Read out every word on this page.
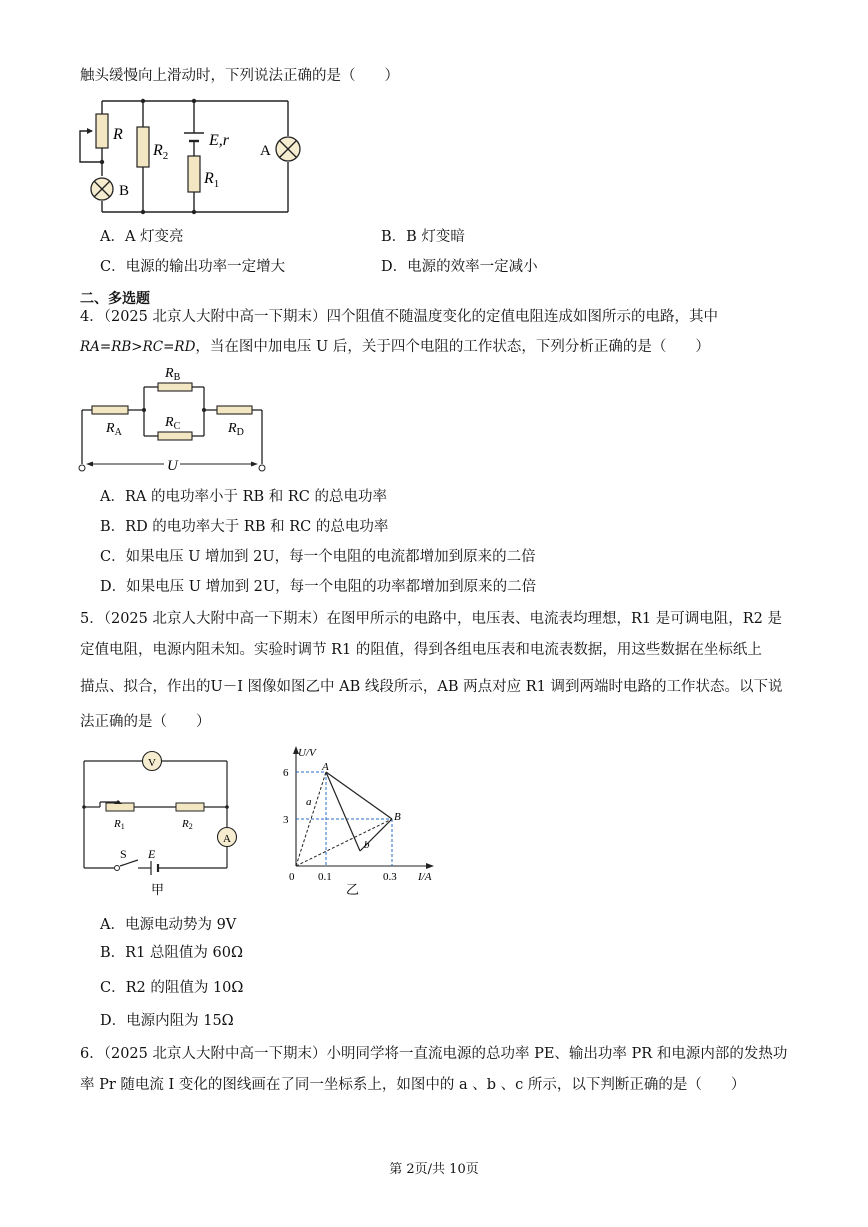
触头缓慢向上滑动时，下列说法正确的是（　　）
R
$R_2$
E,r
$R_1$
A
B
A．A 灯变亮	B．B 灯变暗
C．电源的输出功率一定增大	D．电源的效率一定减小
二、多选题
4．（2025 北京人大附中高一下期末）四个阻值不随温度变化的定值电阻连成如图所示的电路，其中
RA=RB>RC=RD，当在图中加电压 U 后，关于四个电阻的工作状态，下列分析正确的是（　　）
$R_B$
$R_C$
$R_A$	$R_D$
U
A．RA 的电功率小于 RB 和 RC 的总电功率
B．RD 的电功率大于 RB 和 RC 的总电功率
C．如果电压 U 增加到 2U，每一个电阻的电流都增加到原来的二倍
D．如果电压 U 增加到 2U，每一个电阻的功率都增加到原来的二倍
5．（2025 北京人大附中高一下期末）在图甲所示的电路中，电压表、电流表均理想，R1 是可调电阻，R2 是
定值电阻，电源内阻未知。实验时调节 R1 的阻值，得到各组电压表和电流表数据，用这些数据在坐标纸上
描点、拟合，作出的U－I 图像如图乙中 AB 线段所示，AB 两点对应 R1 调到两端时电路的工作状态。以下说
法正确的是（　　）
V
A
R1	R2
S E
甲
U/V
I/A
6
3
0 0.1	0.3
A
B
a
b
乙
A．电源电动势为 9V
B．R1 总阻值为 60Ω
C．R2 的阻值为 10Ω
D．电源内阻为 15Ω
6．（2025 北京人大附中高一下期末）小明同学将一直流电源的总功率 PE、输出功率 PR 和电源内部的发热功
率 Pr 随电流 I 变化的图线画在了同一坐标系上，如图中的 a 、b 、c 所示，以下判断正确的是（　　）
第 2页/共 10页
